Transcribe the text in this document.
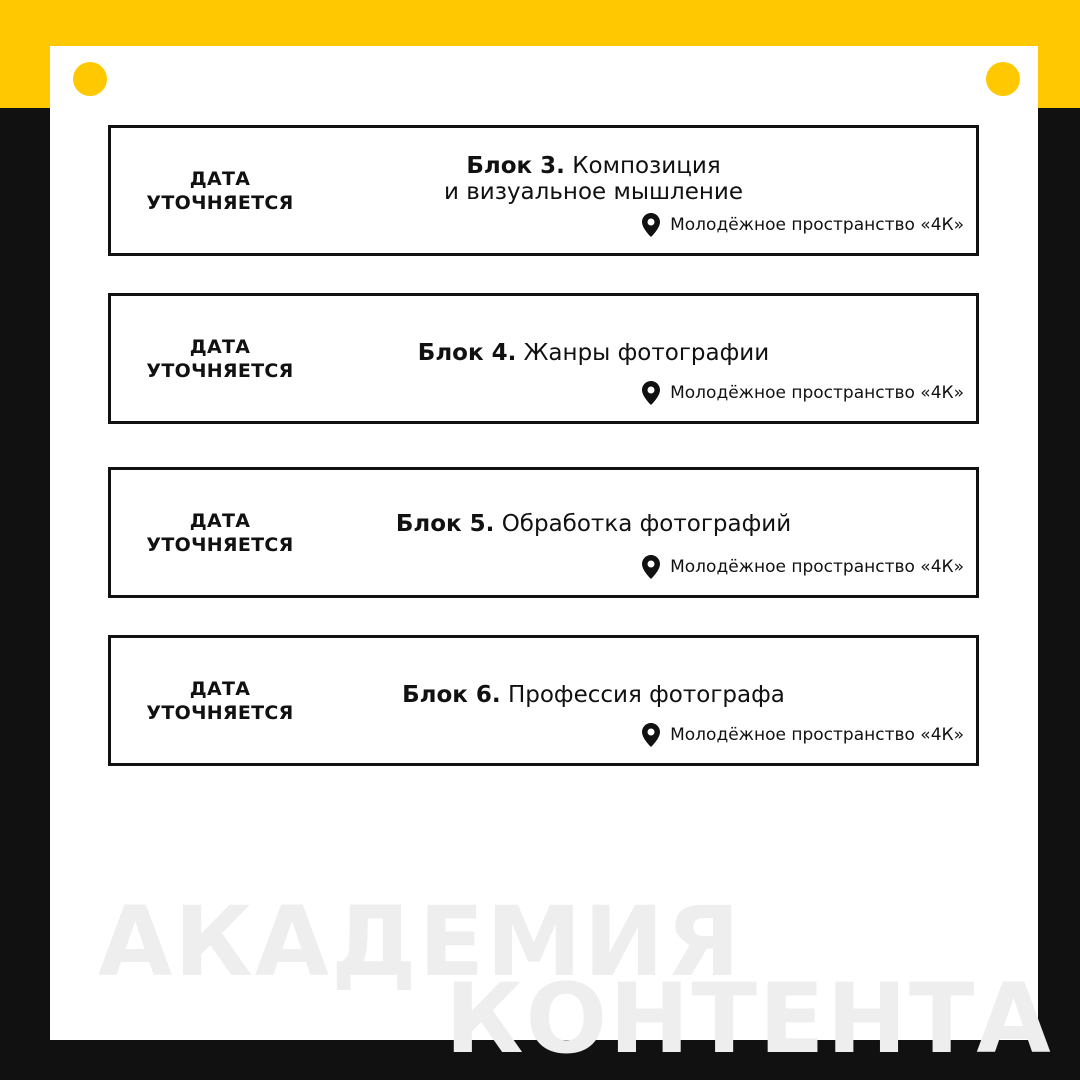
АКАДЕМИЯ
КОНТЕНТА
ДАТА
УТОЧНЯЕТСЯ
Блок 3. Композиция
и визуальное мышление
Молодёжное пространство «4К»
ДАТА
УТОЧНЯЕТСЯ
Блок 4. Жанры фотографии
Молодёжное пространство «4К»
ДАТА
УТОЧНЯЕТСЯ
Блок 5. Обработка фотографий
Молодёжное пространство «4К»
ДАТА
УТОЧНЯЕТСЯ
Блок 6. Профессия фотографа
Молодёжное пространство «4К»
